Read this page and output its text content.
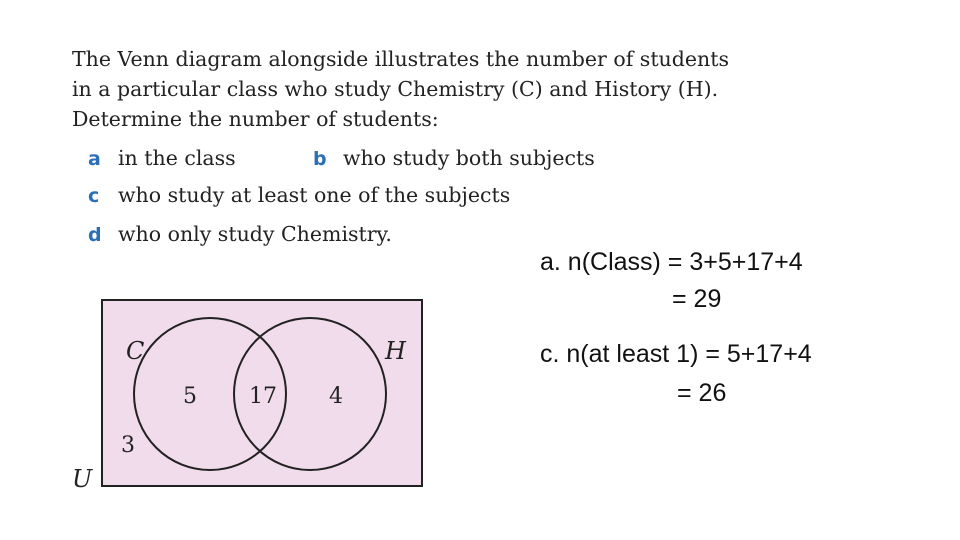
The Venn diagram alongside illustrates the number of students

in a particular class who study Chemistry (C) and History (H).

Determine the number of students:

a in the class	b who study both subjects
c who study at least one of the subjects
d who only study Chemistry.
C	H
U
5 17 4
3
a. n(Class) = 3+5+17+4
= 29
c. n(at least 1) = 5+17+4
= 26
